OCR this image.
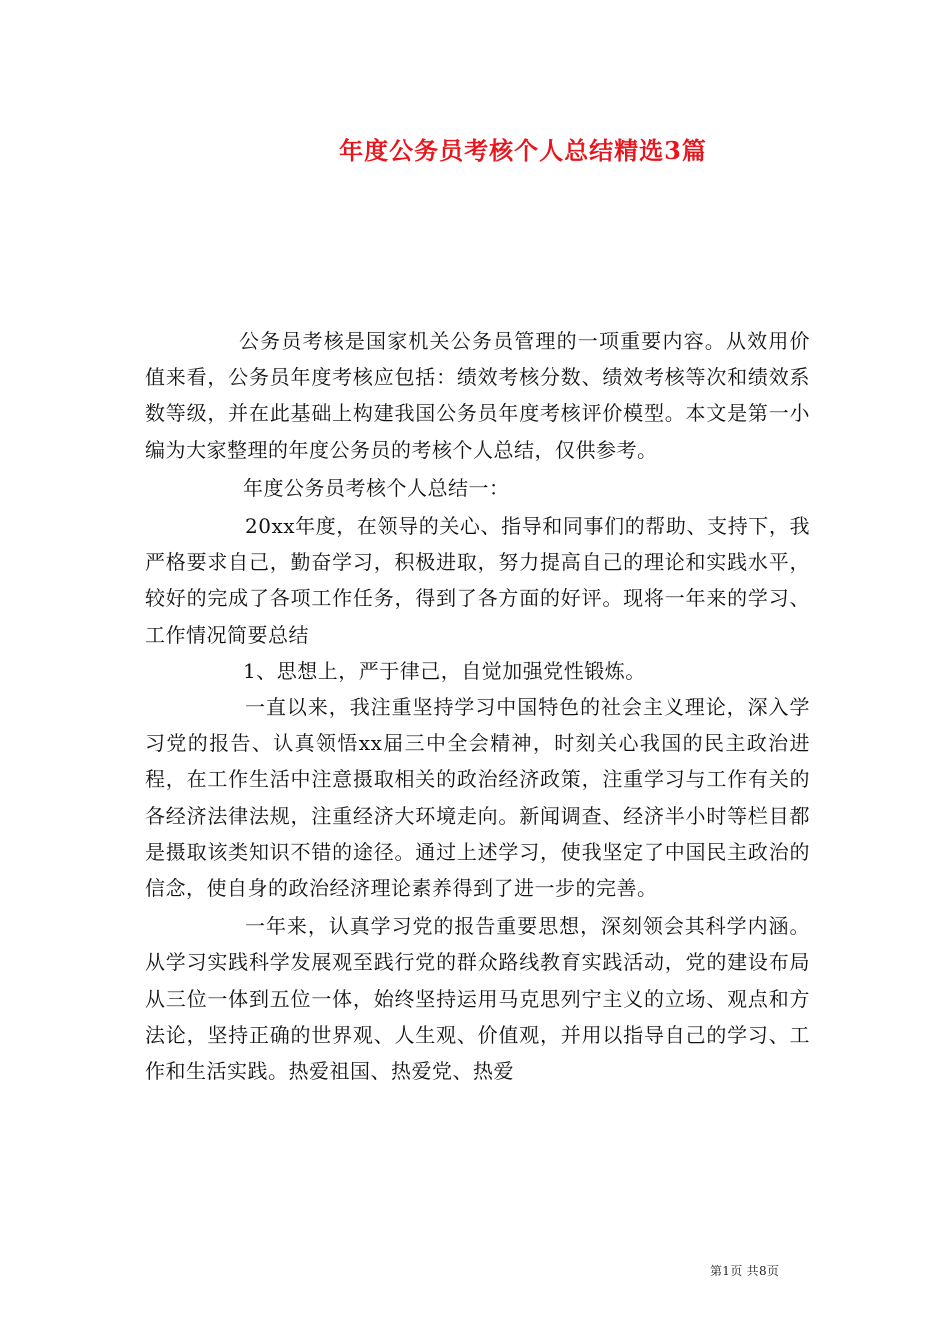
年度公务员考核个人总结精选3篇

公务员考核是国家机关公务员管理的一项重要内容。从效用价值来看，公务员年度考核应包括：绩效考核分数、绩效考核等次和绩效系数等级，并在此基础上构建我国公务员年度考核评价模型。本文是第一小编为大家整理的年度公务员的考核个人总结，仅供参考。

年度公务员考核个人总结一：

20xx年度，在领导的关心、指导和同事们的帮助、支持下，我严格要求自己，勤奋学习，积极进取，努力提高自己的理论和实践水平，较好的完成了各项工作任务，得到了各方面的好评。现将一年来的学习、工作情况简要总结

1、思想上，严于律己，自觉加强党性锻炼。

一直以来，我注重坚持学习中国特色的社会主义理论，深入学习党的报告、认真领悟xx届三中全会精神，时刻关心我国的民主政治进程，在工作生活中注意摄取相关的政治经济政策，注重学习与工作有关的各经济法律法规，注重经济大环境走向。新闻调查、经济半小时等栏目都是摄取该类知识不错的途径。通过上述学习，使我坚定了中国民主政治的信念，使自身的政治经济理论素养得到了进一步的完善。

一年来，认真学习党的报告重要思想，深刻领会其科学内涵。从学习实践科学发展观至践行党的群众路线教育实践活动，党的建设布局从三位一体到五位一体，始终坚持运用马克思列宁主义的立场、观点和方法论，坚持正确的世界观、人生观、价值观，并用以指导自己的学习、工作和生活实践。热爱祖国、热爱党、热爱

第1页 共8页
